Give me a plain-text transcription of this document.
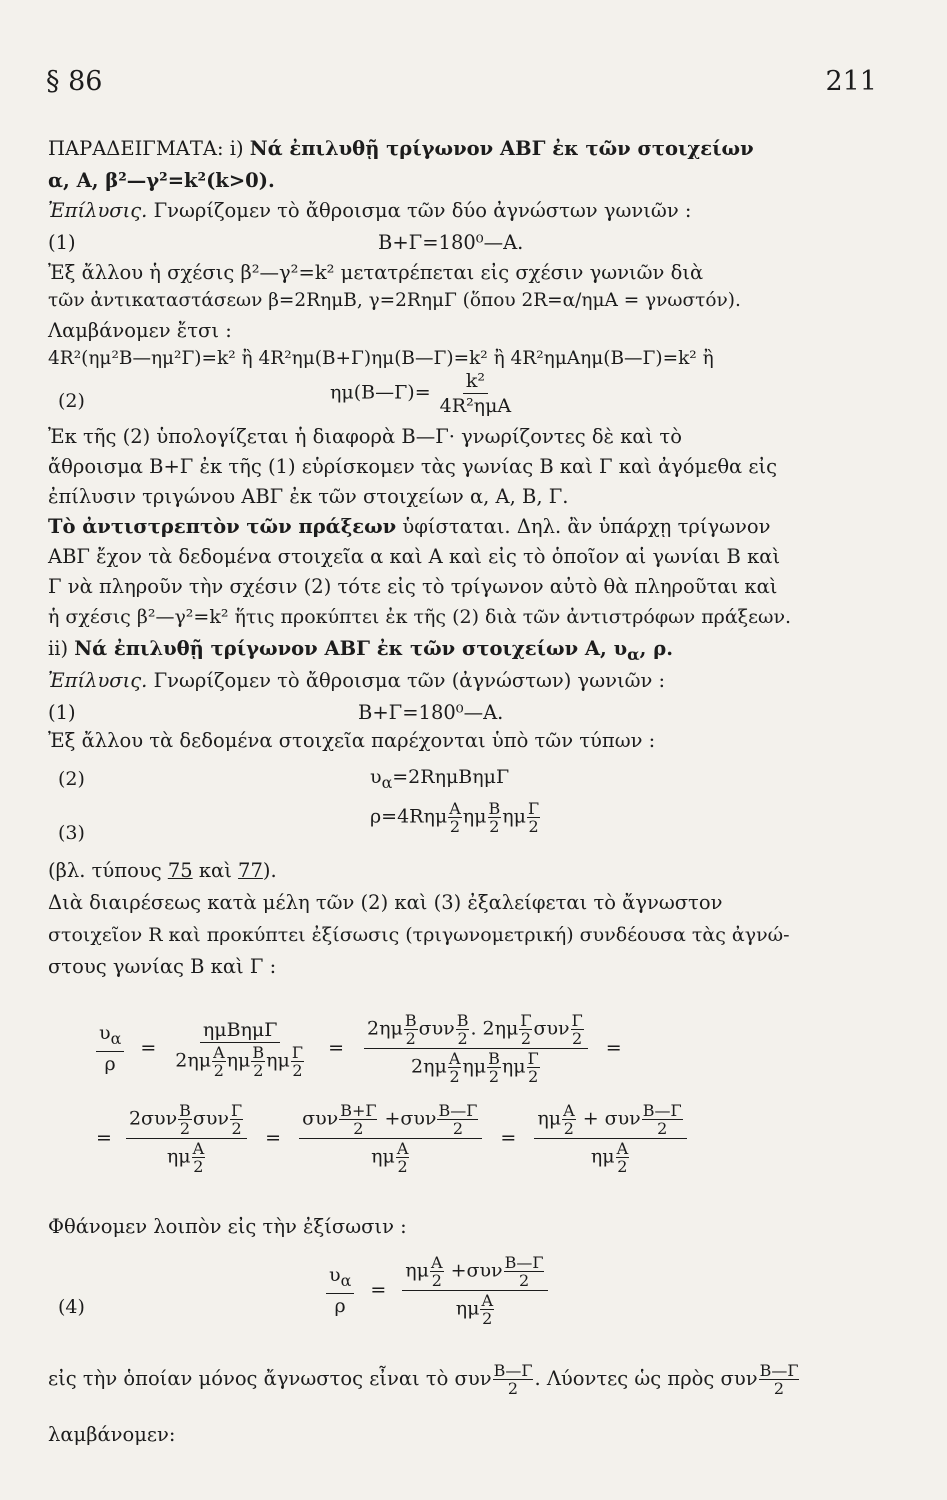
§ 86	211
ΠΑΡΑΔΕΙΓΜΑΤΑ: i) Νά ἐπιλυθῇ τρίγωνον ΑΒΓ ἐκ τῶν στοιχείων
α, Α, β²—γ²=k²(k>0).
Ἐπίλυσις. Γνωρίζομεν τὸ ἄθροισμα τῶν δύο ἀγνώστων γωνιῶν :
(1)	Β+Γ=180⁰—Α.
Ἐξ ἄλλου ἡ σχέσις β²—γ²=k² μετατρέπεται εἰς σχέσιν γωνιῶν διὰ
τῶν ἀντικαταστάσεων β=2RημΒ, γ=2RημΓ (ὅπου 2R=α/ημΑ = γνωστόν).
Λαμβάνομεν ἔτσι :
4R²(ημ²Β—ημ²Γ)=k² ἢ 4R²ημ(Β+Γ)ημ(Β—Γ)=k² ἢ 4R²ημΑημ(Β—Γ)=k² ἢ
(2)	ημ(Β—Γ)= $\frac{\text{k²}}{\text{4R²ημΑ}}$
Ἐκ τῆς (2) ὑπολογίζεται ἡ διαφορὰ Β—Γ· γνωρίζοντες δὲ καὶ τὸ
ἄθροισμα Β+Γ ἐκ τῆς (1) εὑρίσκομεν τὰς γωνίας Β καὶ Γ καὶ ἀγόμεθα εἰς
ἐπίλυσιν τριγώνου ΑΒΓ ἐκ τῶν στοιχείων α, Α, Β, Γ.
Τὸ ἀντιστρεπτὸν τῶν πράξεων ὑφίσταται. Δηλ. ἂν ὑπάρχῃ τρίγωνον
ΑΒΓ ἔχον τὰ δεδομένα στοιχεῖα α καὶ Α καὶ εἰς τὸ ὁποῖον αἱ γωνίαι Β καὶ
Γ νὰ πληροῦν τὴν σχέσιν (2) τότε εἰς τὸ τρίγωνον αὐτὸ θὰ πληροῦται καὶ
ἡ σχέσις β²—γ²=k² ἥτις προκύπτει ἐκ τῆς (2) διὰ τῶν ἀντιστρόφων πράξεων.
ii) Νά ἐπιλυθῇ τρίγωνον ΑΒΓ ἐκ τῶν στοιχείων Α, $\upsilon_\alpha$, ρ.
Ἐπίλυσις. Γνωρίζομεν τὸ ἄθροισμα τῶν (ἀγνώστων) γωνιῶν :
(1)	Β+Γ=180⁰—Α.
Ἐξ ἄλλου τὰ δεδομένα στοιχεῖα παρέχονται ὑπὸ τῶν τύπων :
(2)	$\upsilon_\alpha=2R\eta\mu B\eta\mu\Gamma$
(3)
$\rho=4R\eta\mu \frac{A}{2}$ ημ $\frac{B}{2}$ ημ $\frac{\Gamma}{2}$
(βλ. τύπους 75 καὶ 77).
Διὰ διαιρέσεως κατὰ μέλη τῶν (2) καὶ (3) ἐξαλείφεται τὸ ἄγνωστον
στοιχεῖον R καὶ προκύπτει ἐξίσωσις (τριγωνομετρική) συνδέουσα τὰς ἀγνώ-
στους γωνίας Β καὶ Γ :
$\frac{\upsilon_\alpha}{\rho} = \frac{\text{ημΒημΓ}}{2\eta\mu \frac{A}{2} \eta\mu \frac{B}{2} \eta\mu \frac{\Gamma}{2}} = \frac{2\eta\mu \frac{B}{2} \sigma\upsilon\nu \frac{B}{2} . 2\eta\mu \frac{\Gamma}{2} \sigma\upsilon\nu \frac{\Gamma}{2}}{2\eta\mu \frac{A}{2} \eta\mu \frac{B}{2} \eta\mu \frac{\Gamma}{2}}$ =
= $\frac{2\sigma\upsilon\nu \frac{B}{2} \sigma\upsilon\nu \frac{\Gamma}{2}}{\eta\mu \frac{A}{2}} = \frac{\sigma\upsilon\nu \frac{B+\Gamma}{2} +\sigma\upsilon\nu \frac{B—\Gamma}{2}}{\eta\mu \frac{A}{2}} = \frac{\eta\mu \frac{A}{2} + \sigma\upsilon\nu \frac{B—\Gamma}{2}}{\eta\mu \frac{A}{2}}$
Φθάνομεν λοιπὸν εἰς τὴν ἐξίσωσιν :
(4)	$\frac{\upsilon_\alpha}{\rho} = \frac{\eta\mu \frac{A}{2} +\sigma\upsilon\nu \frac{B—\Gamma}{2}}{\eta\mu \frac{A}{2}}$
εἰς τὴν ὁποίαν μόνος ἄγνωστος εἶναι τὸ συν $\frac{B—\Gamma}{2}$ . Λύοντες ὡς πρὸς συν $\frac{B—\Gamma}{2}$
λαμβάνομεν:
